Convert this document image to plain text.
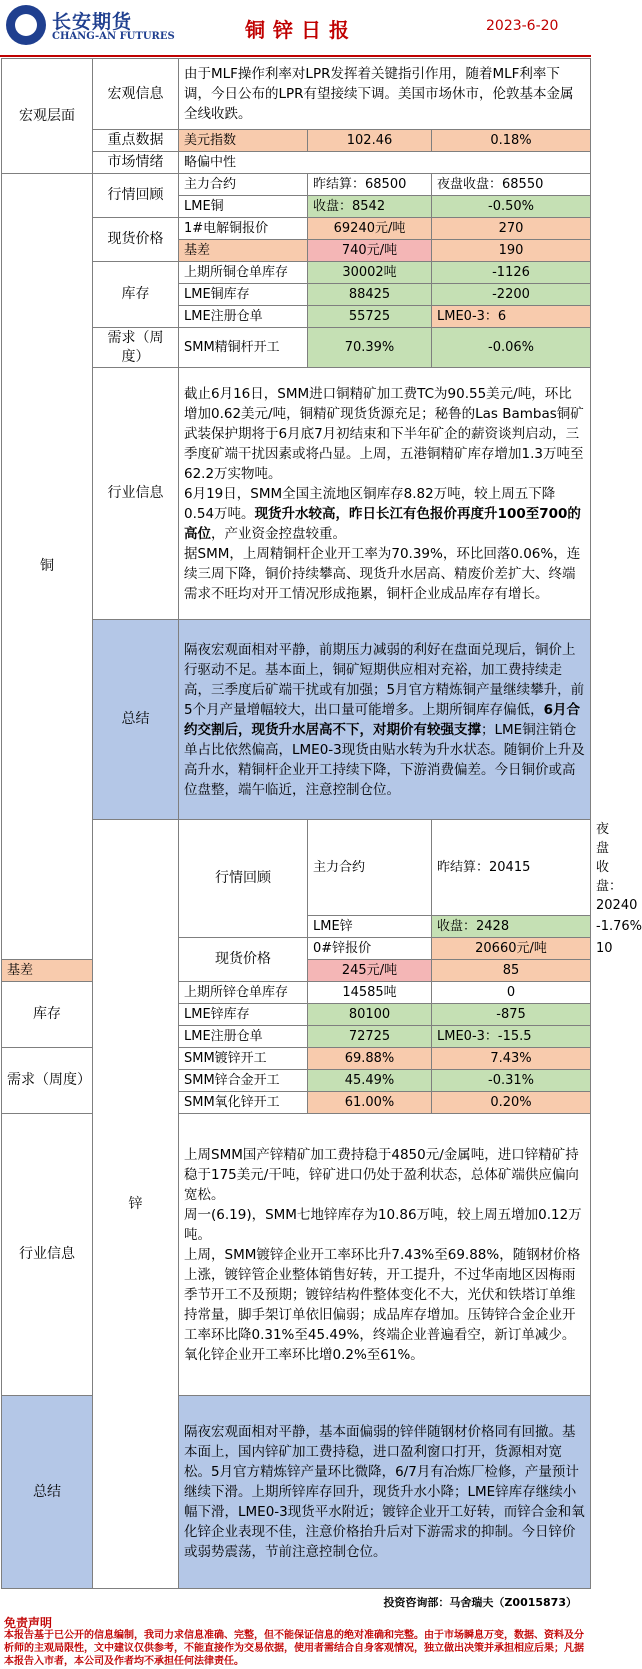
长安期货
CHANG-AN FUTURES	铜锌日报	2023-6-20
宏观层面	宏观信息	由于MLF操作利率对LPR发挥着关键指引作用，随着MLF利率下调，今日公布的LPR有望接续下调。美国市场休市，伦敦基本金属全线收跌。			
	重点数据	美元指数	102.46	0.18%	
	市场情绪	略偏中性			
铜	行情回顾	主力合约	昨结算：68500	夜盘收盘：68550	
		LME铜	收盘：8542	-0.50%	
	现货价格	1#电解铜报价	69240元/吨	270	
		基差	740元/吨	190	
	库存	上期所铜仓单库存	30002吨	-1126	
		LME铜库存	88425	-2200	
		LME注册仓单	55725	LME0-3：6	
	需求（周度）	SMM精铜杆开工	70.39%	-0.06%	
	行业信息	截止6月16日，SMM进口铜精矿加工费TC为90.55美元/吨，环比增加0.62美元/吨，铜精矿现货货源充足；秘鲁的Las Bambas铜矿武装保护期将于6月底7月初结束和下半年矿企的薪资谈判启动，三季度矿端干扰因素或将凸显。上周，五港铜精矿库存增加1.3万吨至62.2万实物吨。
6月19日，SMM全国主流地区铜库存8.82万吨，较上周五下降0.54万吨。现货升水较高，昨日长江有色报价再度升100至700的高位，产业资金控盘较重。
据SMM，上周精铜杆企业开工率为70.39%，环比回落0.06%，连续三周下降，铜价持续攀高、现货升水居高、精废价差扩大、终端需求不旺均对开工情况形成拖累，铜杆企业成品库存有增长。			
	总结	隔夜宏观面相对平静，前期压力减弱的利好在盘面兑现后，铜价上行驱动不足。基本面上，铜矿短期供应相对充裕，加工费持续走高，三季度后矿端干扰或有加强；5月官方精炼铜产量继续攀升，前5个月产量增幅较大，出口量可能增多。上期所铜库存偏低，6月合约交割后，现货升水居高不下，对期价有较强支撑；LME铜注销仓单占比依然偏高，LME0-3现货由贴水转为升水状态。随铜价上升及高升水，精铜杆企业开工持续下降，下游消费偏差。今日铜价或高位盘整，端午临近，注意控制仓位。			
	锌	行情回顾	主力合约	昨结算：20415	夜盘收盘：20240
			LME锌	收盘：2428	-1.76%
		现货价格	0#锌报价	20660元/吨	10
基差			245元/吨	85	
库存		上期所锌仓单库存	14585吨	0	
		LME锌库存	80100	-875	
		LME注册仓单	72725	LME0-3：-15.5	
需求（周度）		SMM镀锌开工	69.88%	7.43%	
		SMM锌合金开工	45.49%	-0.31%	
		SMM氧化锌开工	61.00%	0.20%	
行业信息		上周SMM国产锌精矿加工费持稳于4850元/金属吨，进口锌精矿持稳于175美元/干吨，锌矿进口仍处于盈利状态，总体矿端供应偏向宽松。
周一(6.19)，SMM七地锌库存为10.86万吨，较上周五增加0.12万吨。
上周，SMM镀锌企业开工率环比升7.43%至69.88%，随钢材价格上涨，镀锌管企业整体销售好转，开工提升，不过华南地区因梅雨季节开工不及预期；镀锌结构件整体变化不大，光伏和铁塔订单维持常量，脚手架订单依旧偏弱；成品库存增加。压铸锌合金企业开工率环比降0.31%至45.49%，终端企业普遍看空，新订单减少。氧化锌企业开工率环比增0.2%至61%。			
总结		隔夜宏观面相对平静，基本面偏弱的锌伴随钢材价格同有回撤。基本面上，国内锌矿加工费持稳，进口盈利窗口打开，货源相对宽松。5月官方精炼锌产量环比微降，6/7月有冶炼厂检修，产量预计继续下滑。上期所锌库存回升，现货升水小降；LME锌库存继续小幅下滑，LME0-3现货平水附近；镀锌企业开工好转，而锌合金和氧化锌企业表现不佳，注意价格抬升后对下游需求的抑制。今日锌价或弱势震荡，节前注意控制仓位。			
投资咨询部：马舍瑞夫（Z0015873）
免责声明
本报告基于已公开的信息编制，我司力求信息准确、完整，但不能保证信息的绝对准确和完整。由于市场瞬息万变，数据、资料及分析师的主观局限性，文中建议仅供参考，不能直接作为交易依据，使用者需结合自身客观情况，独立做出决策并承担相应后果；凡据本报告入市者，本公司及作者均不承担任何法律责任。
